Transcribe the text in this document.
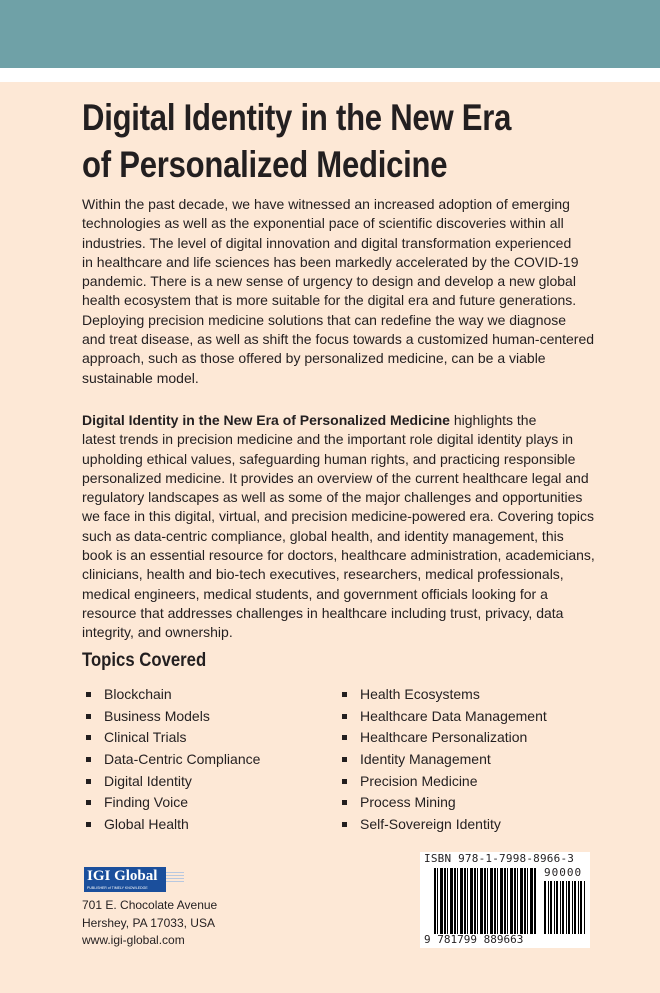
Digital Identity in the New Era
of Personalized Medicine
Within the past decade, we have witnessed an increased adoption of emerging
technologies as well as the exponential pace of scientific discoveries within all
industries. The level of digital innovation and digital transformation experienced
in healthcare and life sciences has been markedly accelerated by the COVID-19
pandemic. There is a new sense of urgency to design and develop a new global
health ecosystem that is more suitable for the digital era and future generations.
Deploying precision medicine solutions that can redefine the way we diagnose
and treat disease, as well as shift the focus towards a customized human-centered
approach, such as those offered by personalized medicine, can be a viable
sustainable model.
Digital Identity in the New Era of Personalized Medicine highlights the
latest trends in precision medicine and the important role digital identity plays in
upholding ethical values, safeguarding human rights, and practicing responsible
personalized medicine. It provides an overview of the current healthcare legal and
regulatory landscapes as well as some of the major challenges and opportunities
we face in this digital, virtual, and precision medicine-powered era. Covering topics
such as data-centric compliance, global health, and identity management, this
book is an essential resource for doctors, healthcare administration, academicians,
clinicians, health and bio-tech executives, researchers, medical professionals,
medical engineers, medical students, and government officials looking for a
resource that addresses challenges in healthcare including trust, privacy, data
integrity, and ownership.
Topics Covered
Blockchain
Business Models
Clinical Trials
Data-Centric Compliance
Digital Identity
Finding Voice
Global Health
Health Ecosystems
Healthcare Data Management
Healthcare Personalization
Identity Management
Precision Medicine
Process Mining
Self-Sovereign Identity
IGI Global
PUBLISHER of TIMELY KNOWLEDGE
701 E. Chocolate Avenue
Hershey, PA 17033, USA
www.igi-global.com
ISBN 978-1-7998-8966-3
90000
9 781799 889663
